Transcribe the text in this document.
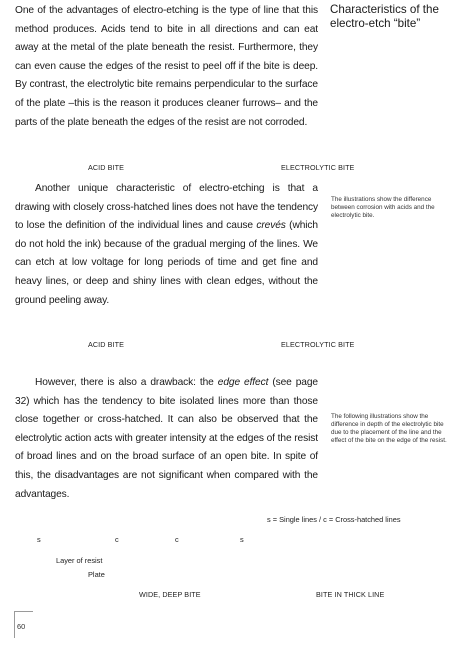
Characteristics of the electro-etch “bite”

One of the advantages of electro-etching is the type of line that this method produces. Acids tend to bite in all directions and can eat away at the metal of the plate beneath the resist. Furthermore, they can even cause the edges of the resist to peel off if the bite is deep. By contrast, the electrolytic bite remains perpendicular to the surface of the plate –this is the reason it produces cleaner furrows– and the parts of the plate beneath the edges of the resist are not corroded.

ACID BITE	ELECTROLYTIC BITE

Another unique characteristic of electro-etching is that a drawing with closely cross-hatched lines does not have the tendency to lose the definition of the individual lines and cause crevés (which do not hold the ink) because of the gradual merging of the lines. We can etch at low voltage for long periods of time and get fine and heavy lines, or deep and shiny lines with clean edges, without the ground peeling away.

The illustrations show the difference between corrosion with acids and the electrolytic bite.
ACID BITE	ELECTROLYTIC BITE

However, there is also a drawback: the edge effect (see page 32) which has the tendency to bite isolated lines more than those close together or cross-hatched. It can also be observed that the electrolytic action acts with greater intensity at the edges of the resist of broad lines and on the broad surface of an open bite. In spite of this, the disadvantages are not significant when compared with the advantages.

The following illustrations show the difference in depth of the electrolytic bite due to the placement of the line and the effect of the bite on the edge of the resist.
s = Single lines / c = Cross-hatched lines
s	c	c	s
Layer of resist
Plate
WIDE, DEEP BITE	BITE IN THICK LINE
60
